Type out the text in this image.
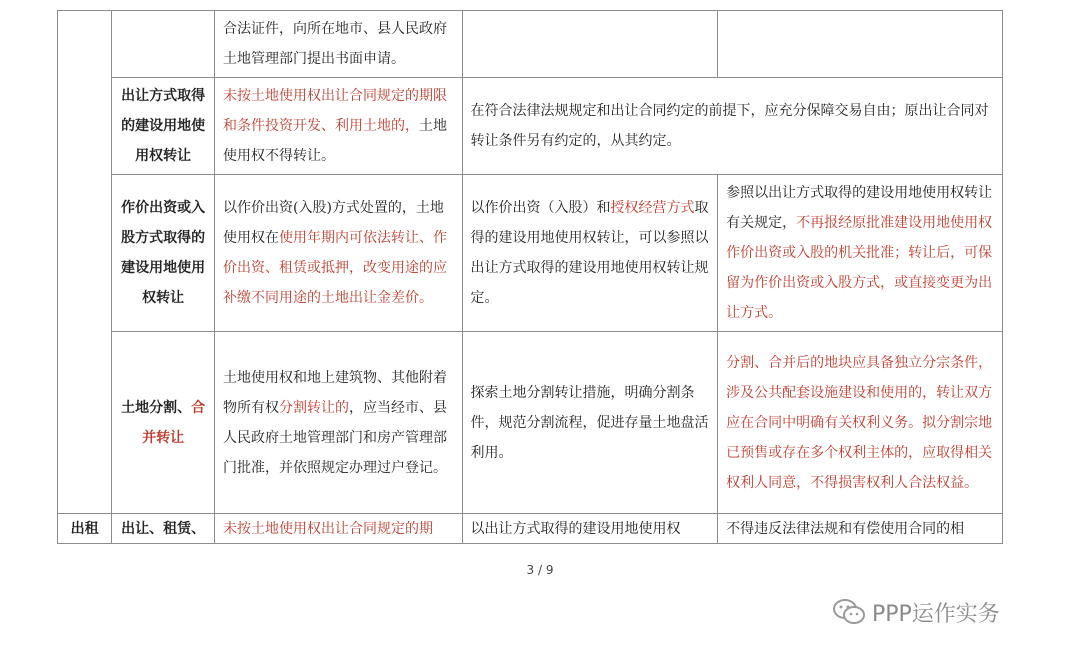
		合法证件，向所在地市、县人民政府土地管理部门提出书面申请。		
	出让方式取得的建设用地使用权转让	未按土地使用权出让合同规定的期限和条件投资开发、利用土地的，土地使用权不得转让。	在符合法律法规规定和出让合同约定的前提下，应充分保障交易自由；原出让合同对转让条件另有约定的，从其约定。	
	作价出资或入股方式取得的建设用地使用权转让	以作价出资(入股)方式处置的，土地使用权在使用年期内可依法转让、作价出资、租赁或抵押，改变用途的应补缴不同用途的土地出让金差价。	以作价出资（入股）和授权经营方式取得的建设用地使用权转让，可以参照以出让方式取得的建设用地使用权转让规定。	参照以出让方式取得的建设用地使用权转让有关规定，不再报经原批准建设用地使用权作价出资或入股的机关批准；转让后，可保留为作价出资或入股方式，或直接变更为出让方式。
	土地分割、合并转让	土地使用权和地上建筑物、其他附着物所有权分割转让的，应当经市、县人民政府土地管理部门和房产管理部门批准，并依照规定办理过户登记。	探索土地分割转让措施，明确分割条件，规范分割流程，促进存量土地盘活利用。	分割、合并后的地块应具备独立分宗条件，涉及公共配套设施建设和使用的，转让双方应在合同中明确有关权利义务。拟分割宗地已预售或存在多个权利主体的，应取得相关权利人同意，不得损害权利人合法权益。
出租	出让、租赁、	未按土地使用权出让合同规定的期	以出让方式取得的建设用地使用权	不得违反法律法规和有偿使用合同的相
3 / 9
PPP运作实务
